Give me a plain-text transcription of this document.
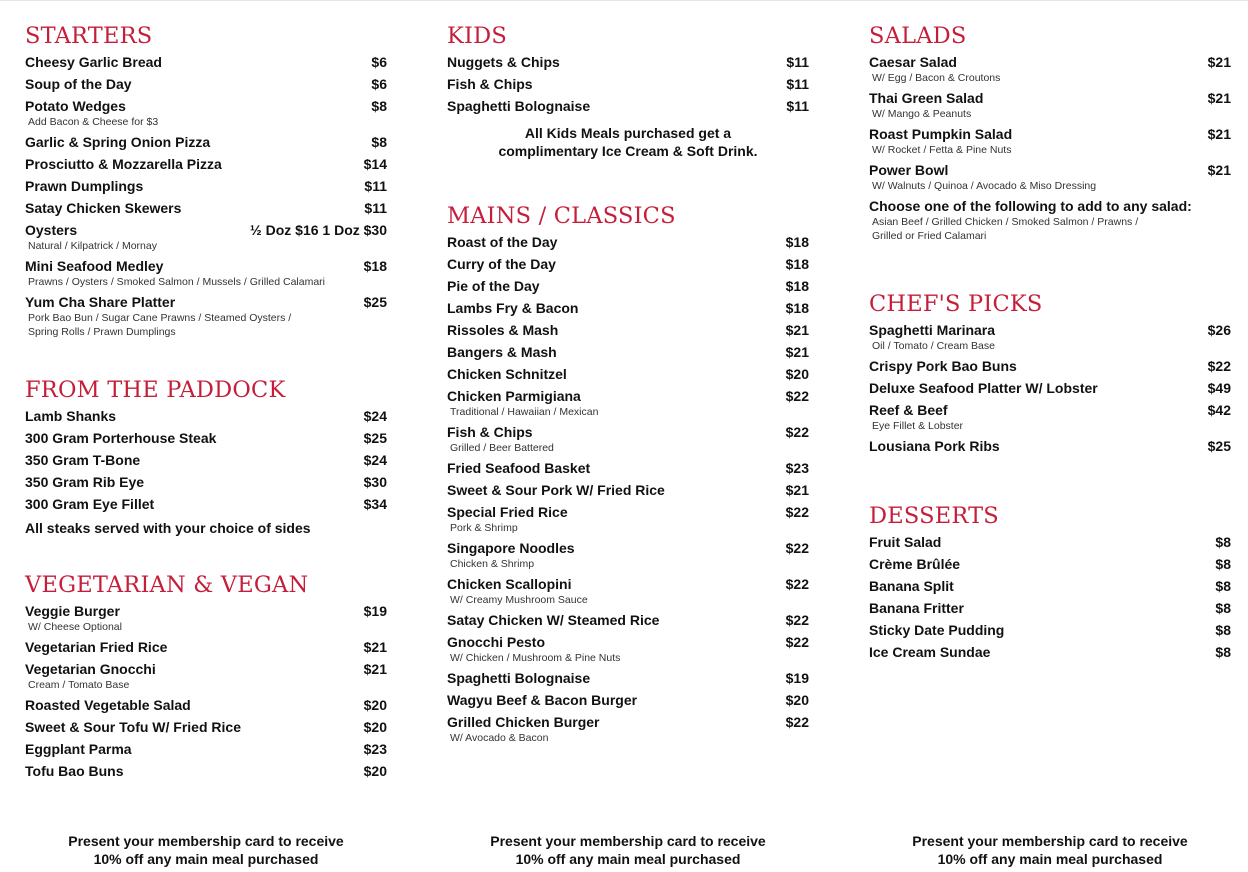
STARTERS
Cheesy Garlic Bread	$6
Soup of the Day	$6
Potato Wedges	$8
Add Bacon & Cheese for $3
Garlic & Spring Onion Pizza	$8
Prosciutto & Mozzarella Pizza	$14
Prawn Dumplings	$11
Satay Chicken Skewers	$11
Oysters	½ Doz $16 1 Doz $30
Natural / Kilpatrick / Mornay
Mini Seafood Medley	$18
Prawns / Oysters / Smoked Salmon / Mussels / Grilled Calamari
Yum Cha Share Platter	$25
Pork Bao Bun / Sugar Cane Prawns / Steamed Oysters /
Spring Rolls / Prawn Dumplings
FROM THE PADDOCK
Lamb Shanks	$24
300 Gram Porterhouse Steak	$25
350 Gram T-Bone	$24
350 Gram Rib Eye	$30
300 Gram Eye Fillet	$34
All steaks served with your choice of sides
VEGETARIAN & VEGAN
Veggie Burger	$19
W/ Cheese Optional
Vegetarian Fried Rice	$21
Vegetarian Gnocchi	$21
Cream / Tomato Base
Roasted Vegetable Salad	$20
Sweet & Sour Tofu W/ Fried Rice	$20
Eggplant Parma	$23
Tofu Bao Buns	$20
KIDS
Nuggets & Chips	$11
Fish & Chips	$11
Spaghetti Bolognaise	$11
All Kids Meals purchased get a
complimentary Ice Cream & Soft Drink.
MAINS / CLASSICS
Roast of the Day	$18
Curry of the Day	$18
Pie of the Day	$18
Lambs Fry & Bacon	$18
Rissoles & Mash	$21
Bangers & Mash	$21
Chicken Schnitzel	$20
Chicken Parmigiana	$22
Traditional / Hawaiian / Mexican
Fish & Chips	$22
Grilled / Beer Battered
Fried Seafood Basket	$23
Sweet & Sour Pork W/ Fried Rice	$21
Special Fried Rice	$22
Pork & Shrimp
Singapore Noodles	$22
Chicken & Shrimp
Chicken Scallopini	$22
W/ Creamy Mushroom Sauce
Satay Chicken W/ Steamed Rice	$22
Gnocchi Pesto	$22
W/ Chicken / Mushroom & Pine Nuts
Spaghetti Bolognaise	$19
Wagyu Beef & Bacon Burger	$20
Grilled Chicken Burger	$22
W/ Avocado & Bacon
SALADS
Caesar Salad	$21
W/ Egg / Bacon & Croutons
Thai Green Salad	$21
W/ Mango & Peanuts
Roast Pumpkin Salad	$21
W/ Rocket / Fetta & Pine Nuts
Power Bowl	$21
W/ Walnuts / Quinoa / Avocado & Miso Dressing
Choose one of the following to add to any salad:
Asian Beef / Grilled Chicken / Smoked Salmon / Prawns /
Grilled or Fried Calamari
CHEF'S PICKS
Spaghetti Marinara	$26
Oil / Tomato / Cream Base
Crispy Pork Bao Buns	$22
Deluxe Seafood Platter W/ Lobster	$49
Reef & Beef	$42
Eye Fillet & Lobster
Lousiana Pork Ribs	$25
DESSERTS
Fruit Salad	$8
Crème Brûlée	$8
Banana Split	$8
Banana Fritter	$8
Sticky Date Pudding	$8
Ice Cream Sundae	$8
Present your membership card to receive
10% off any main meal purchased
Present your membership card to receive
10% off any main meal purchased
Present your membership card to receive
10% off any main meal purchased
